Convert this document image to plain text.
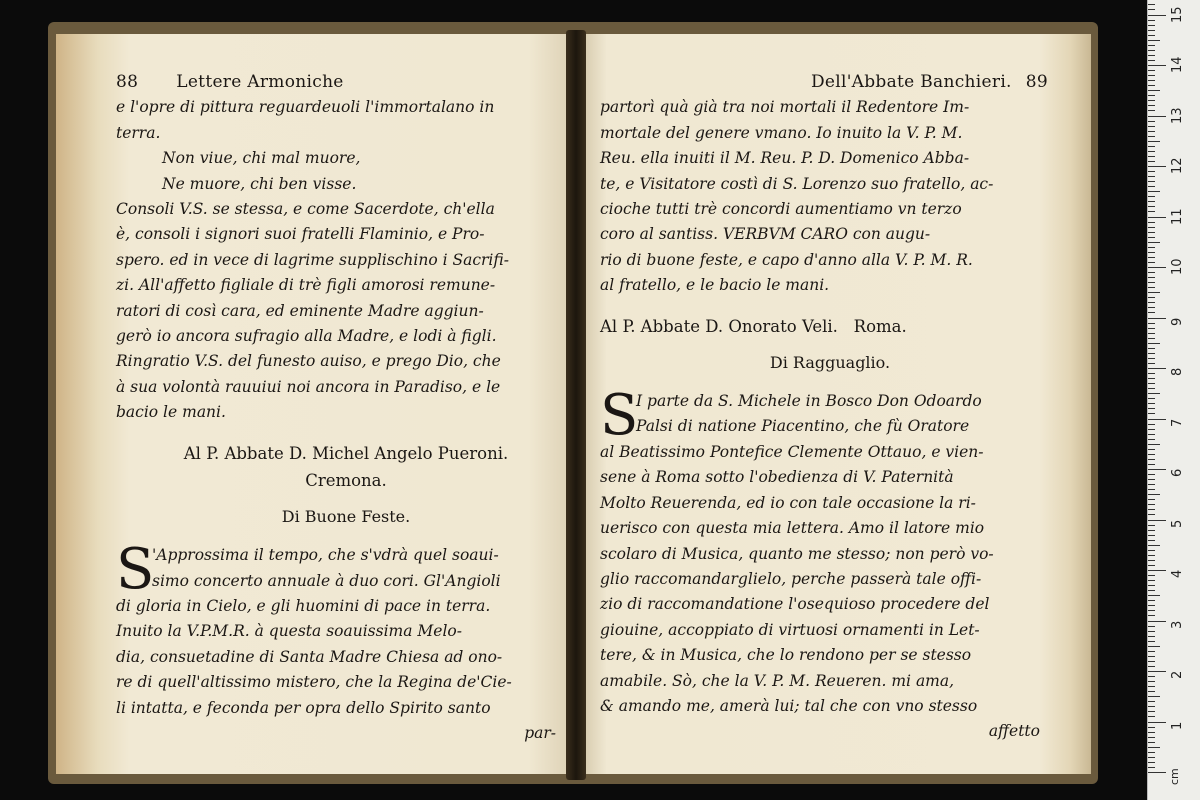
88 Lettere Armoniche
e l'opre di pittura reguardeuoli l'immortalano in
terra.
Non viue, chi mal muore,
Ne muore, chi ben visse.
Consoli V.S. se stessa, e come Sacerdote, ch'ella
è, consoli i signori suoi fratelli Flaminio, e Pro-
spero. ed in vece di lagrime supplischino i Sacrifi-
zi. All'affetto figliale di trè figli amorosi remune-
ratori di così cara, ed eminente Madre aggiun-
gerò io ancora sufragio alla Madre, e lodi à figli.
Ringratio V.S. del funesto auiso, e prego Dio, che
à sua volontà rauuiui noi ancora in Paradiso, e le
bacio le mani.
Al P. Abbate D. Michel Angelo Pueroni.
Cremona.
Di Buone Feste.
S
'Approssima il tempo, che s'vdrà quel soaui-
simo concerto annuale à duo cori. Gl'Angioli
di gloria in Cielo, e gli huomini di pace in terra.
Inuito la V.P.M.R. à questa soauissima Melo-
dia, consuetadine di Santa Madre Chiesa ad ono-
re di quell'altissimo mistero, che la Regina de'Cie-
li intatta, e feconda per opra dello Spirito santo
par-
Dell'Abbate Banchieri. 89
partorì quà già tra noi mortali il Redentore Im-
mortale del genere vmano. Io inuito la V. P. M.
Reu. ella inuiti il M. Reu. P. D. Domenico Abba-
te, e Visitatore costì di S. Lorenzo suo fratello, ac-
cioche tutti trè concordi aumentiamo vn terzo
coro al santiss. VERBVM CARO con augu-
rio di buone feste, e capo d'anno alla V. P. M. R.
al fratello, e le bacio le mani.
Al P. Abbate D. Onorato Veli.   Roma.
Di Ragguaglio.
S
I parte da S. Michele in Bosco Don Odoardo
Palsi di natione Piacentino, che fù Oratore
al Beatissimo Pontefice Clemente Ottauo, e vien-
sene à Roma sotto l'obedienza di V. Paternità
Molto Reuerenda, ed io con tale occasione la ri-
uerisco con questa mia lettera. Amo il latore mio
scolaro di Musica, quanto me stesso; non però vo-
glio raccomandarglielo, perche passerà tale offi-
zio di raccomandatione l'osequioso procedere del
giouine, accoppiato di virtuosi ornamenti in Let-
tere, & in Musica, che lo rendono per se stesso
amabile. Sò, che la V. P. M. Reueren. mi ama,
& amando me, amerà lui; tal che con vno stesso
affetto
cm
1
2
3
4
5
6
7
8
9
10
11
12
13
14
15
